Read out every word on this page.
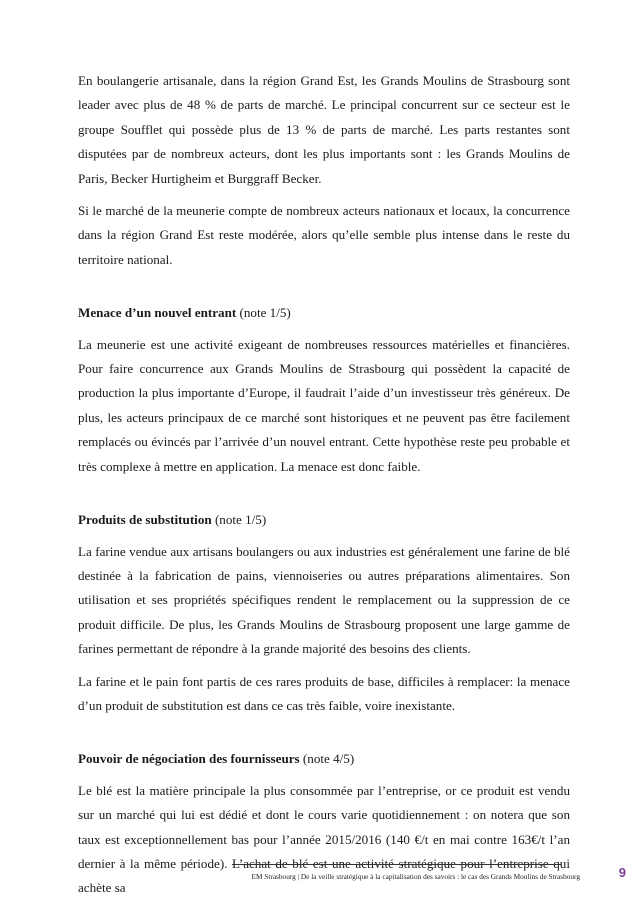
En boulangerie artisanale, dans la région Grand Est, les Grands Moulins de Strasbourg sont leader avec plus de 48 % de parts de marché. Le principal concurrent sur ce secteur est le groupe Soufflet qui possède plus de 13 % de parts de marché. Les parts restantes sont disputées par de nombreux acteurs, dont les plus importants sont : les Grands Moulins de Paris, Becker Hurtigheim et Burggraff Becker.

Si le marché de la meunerie compte de nombreux acteurs nationaux et locaux, la concurrence dans la région Grand Est reste modérée, alors qu’elle semble plus intense dans le reste du territoire national.

Menace d’un nouvel entrant (note 1/5)

La meunerie est une activité exigeant de nombreuses ressources matérielles et financières. Pour faire concurrence aux Grands Moulins de Strasbourg qui possèdent la capacité de production la plus importante d’Europe, il faudrait l’aide d’un investisseur très généreux. De plus, les acteurs principaux de ce marché sont historiques et ne peuvent pas être facilement remplacés ou évincés par l’arrivée d’un nouvel entrant. Cette hypothèse reste peu probable et très complexe à mettre en application. La menace est donc faible.

Produits de substitution (note 1/5)

La farine vendue aux artisans boulangers ou aux industries est généralement une farine de blé destinée à la fabrication de pains, viennoiseries ou autres préparations alimentaires. Son utilisation et ses propriétés spécifiques rendent le remplacement ou la suppression de ce produit difficile. De plus, les Grands Moulins de Strasbourg proposent une large gamme de farines permettant de répondre à la grande majorité des besoins des clients.

La farine et le pain font partis de ces rares produits de base, difficiles à remplacer: la menace d’un produit de substitution est dans ce cas très faible, voire inexistante.

Pouvoir de négociation des fournisseurs (note 4/5)

Le blé est la matière principale la plus consommée par l’entreprise, or ce produit est vendu sur un marché qui lui est dédié et dont le cours varie quotidiennement : on notera que son taux est exceptionnellement bas pour l’année 2015/2016 (140 €/t en mai contre 163€/t l’an dernier à la même période). L’achat de blé est une activité stratégique pour l’entreprise qui achète sa

EM Strasbourg | De la veille stratégique à la capitalisation des savoirs : le cas des Grands Moulins de Strasbourg	9
